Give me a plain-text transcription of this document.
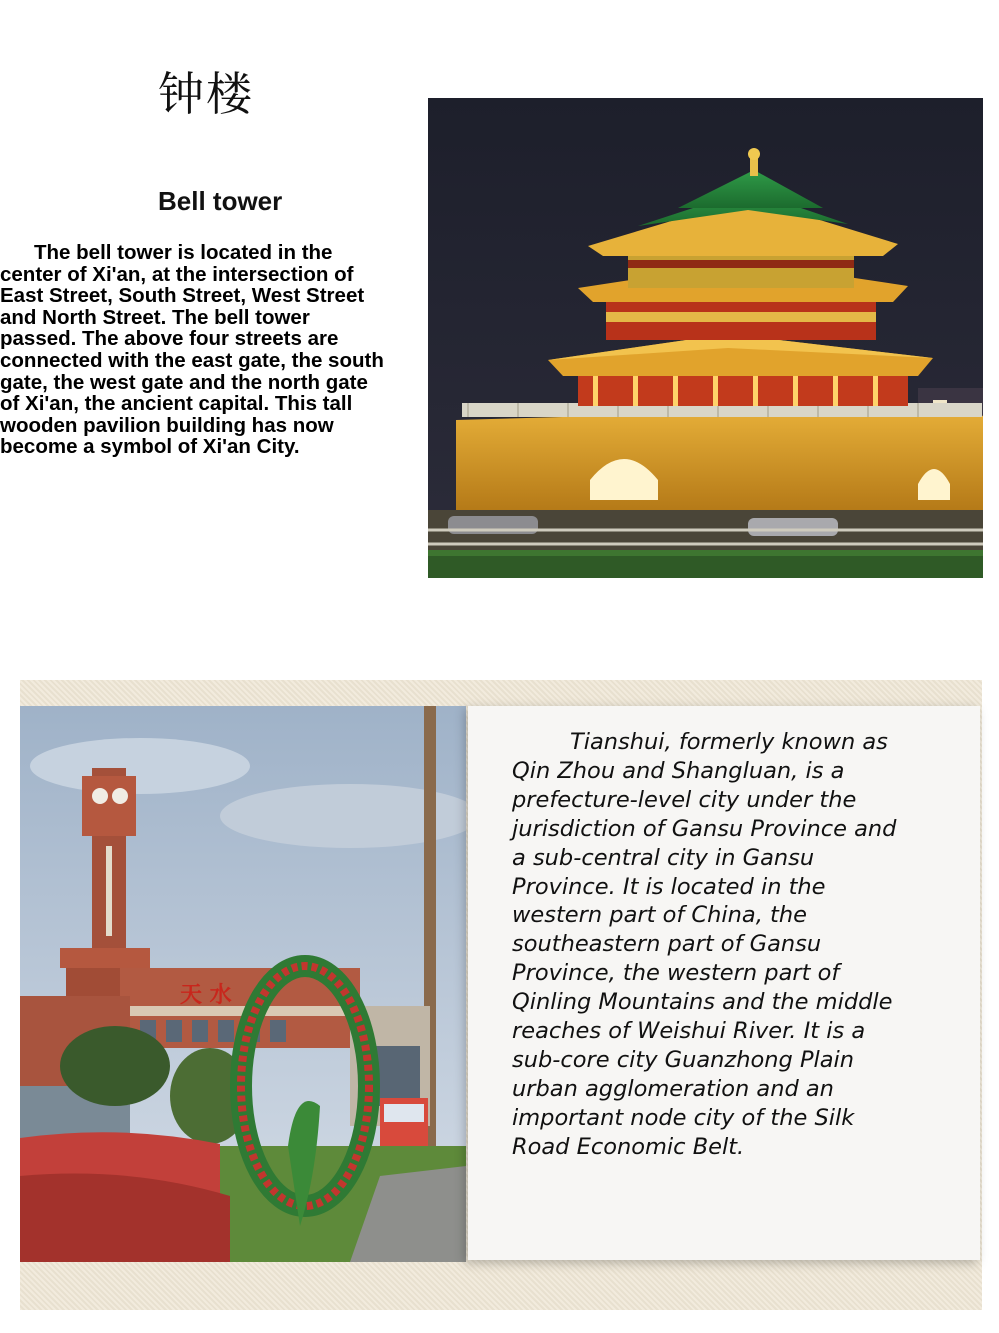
钟楼
Bell tower

The bell tower is located in the center of Xi'an, at the intersection of East Street, South Street, West Street and North Street. The bell tower passed. The above four streets are connected with the east gate, the south gate, the west gate and the north gate of Xi'an, the ancient capital. This tall wooden pavilion building has now become a symbol of Xi'an City.

天 水

Tianshui, formerly known as Qin Zhou and Shangluan, is a prefecture-level city under the jurisdiction of Gansu Province and a sub-central city in Gansu Province. It is located in the western part of China, the southeastern part of Gansu Province, the western part of Qinling Mountains and the middle reaches of Weishui River. It is a sub-core city Guanzhong Plain urban agglomeration and an important node city of the Silk Road Economic Belt.
